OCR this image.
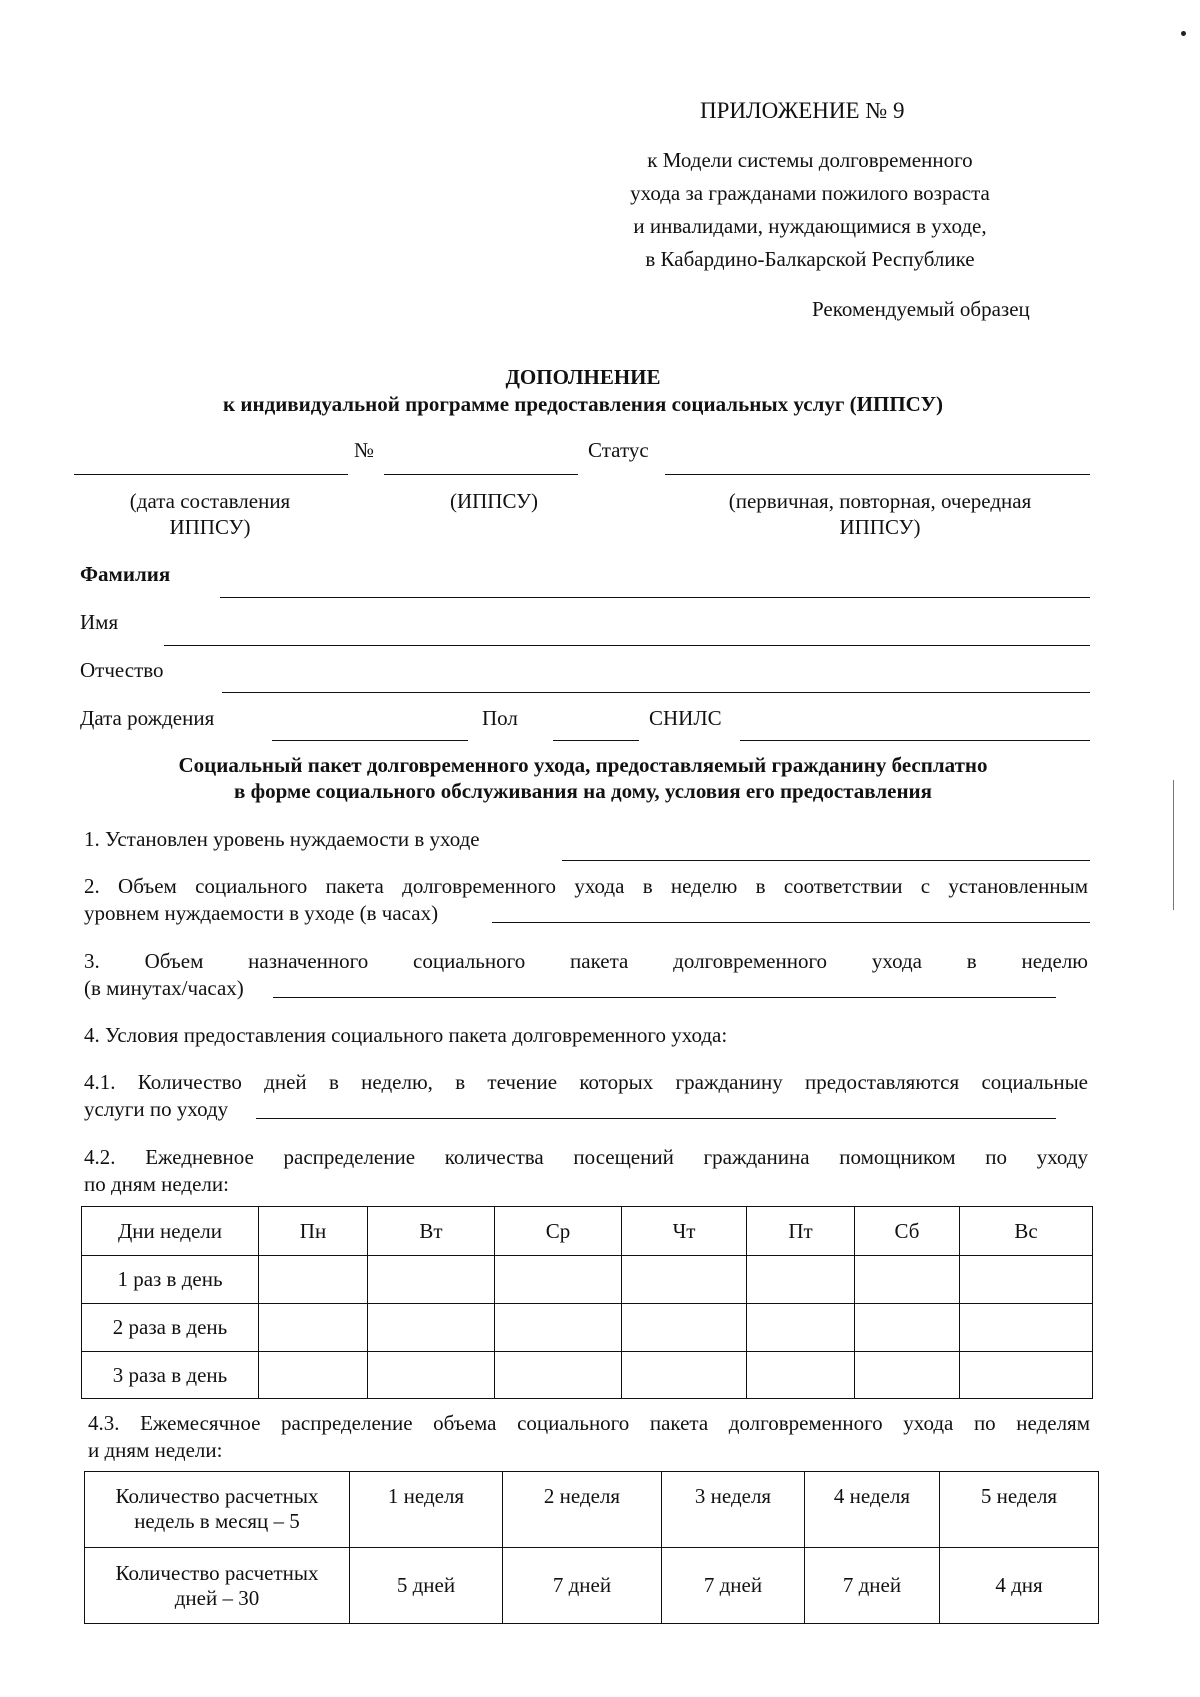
ПРИЛОЖЕНИЕ № 9
к Модели системы долговременного
ухода за гражданами пожилого возраста
и инвалидами, нуждающимися в уходе,
в Кабардино-Балкарской Республике
Рекомендуемый образец
ДОПОЛНЕНИЕ
к индивидуальной программе предоставления социальных услуг (ИППСУ)
№	Статус
(дата составления
ИППСУ)
(ИППСУ)	(первичная, повторная, очередная
ИППСУ)
Фамилия
Имя
Отчество
Дата рождения	Пол	СНИЛС
Социальный пакет долговременного ухода, предоставляемый гражданину бесплатно
в форме социального обслуживания на дому, условия его предоставления
1. Установлен уровень нуждаемости в уходе
2. Объем социального пакета долговременного ухода в неделю в соответствии с установленным
уровнем нуждаемости в уходе (в часах)
3. Объем назначенного социального пакета долговременного ухода в неделю
(в минутах/часах)
4. Условия предоставления социального пакета долговременного ухода:
4.1. Количество дней в неделю, в течение которых гражданину предоставляются социальные
услуги по уходу
4.2. Ежедневное распределение количества посещений гражданина помощником по уходу
по дням недели:
Дни недели	Пн	Вт	Ср	Чт	Пт	Сб	Вс
1 раз в день							
2 раза в день							
3 раза в день							
4.3. Ежемесячное распределение объема социального пакета долговременного ухода по неделям
и дням недели:
Количество расчетных
недель в месяц – 5	1 неделя	2 неделя	3 неделя	4 неделя	5 неделя

Количество расчетных
дней – 30	5 дней	7 дней	7 дней	7 дней	4 дня
